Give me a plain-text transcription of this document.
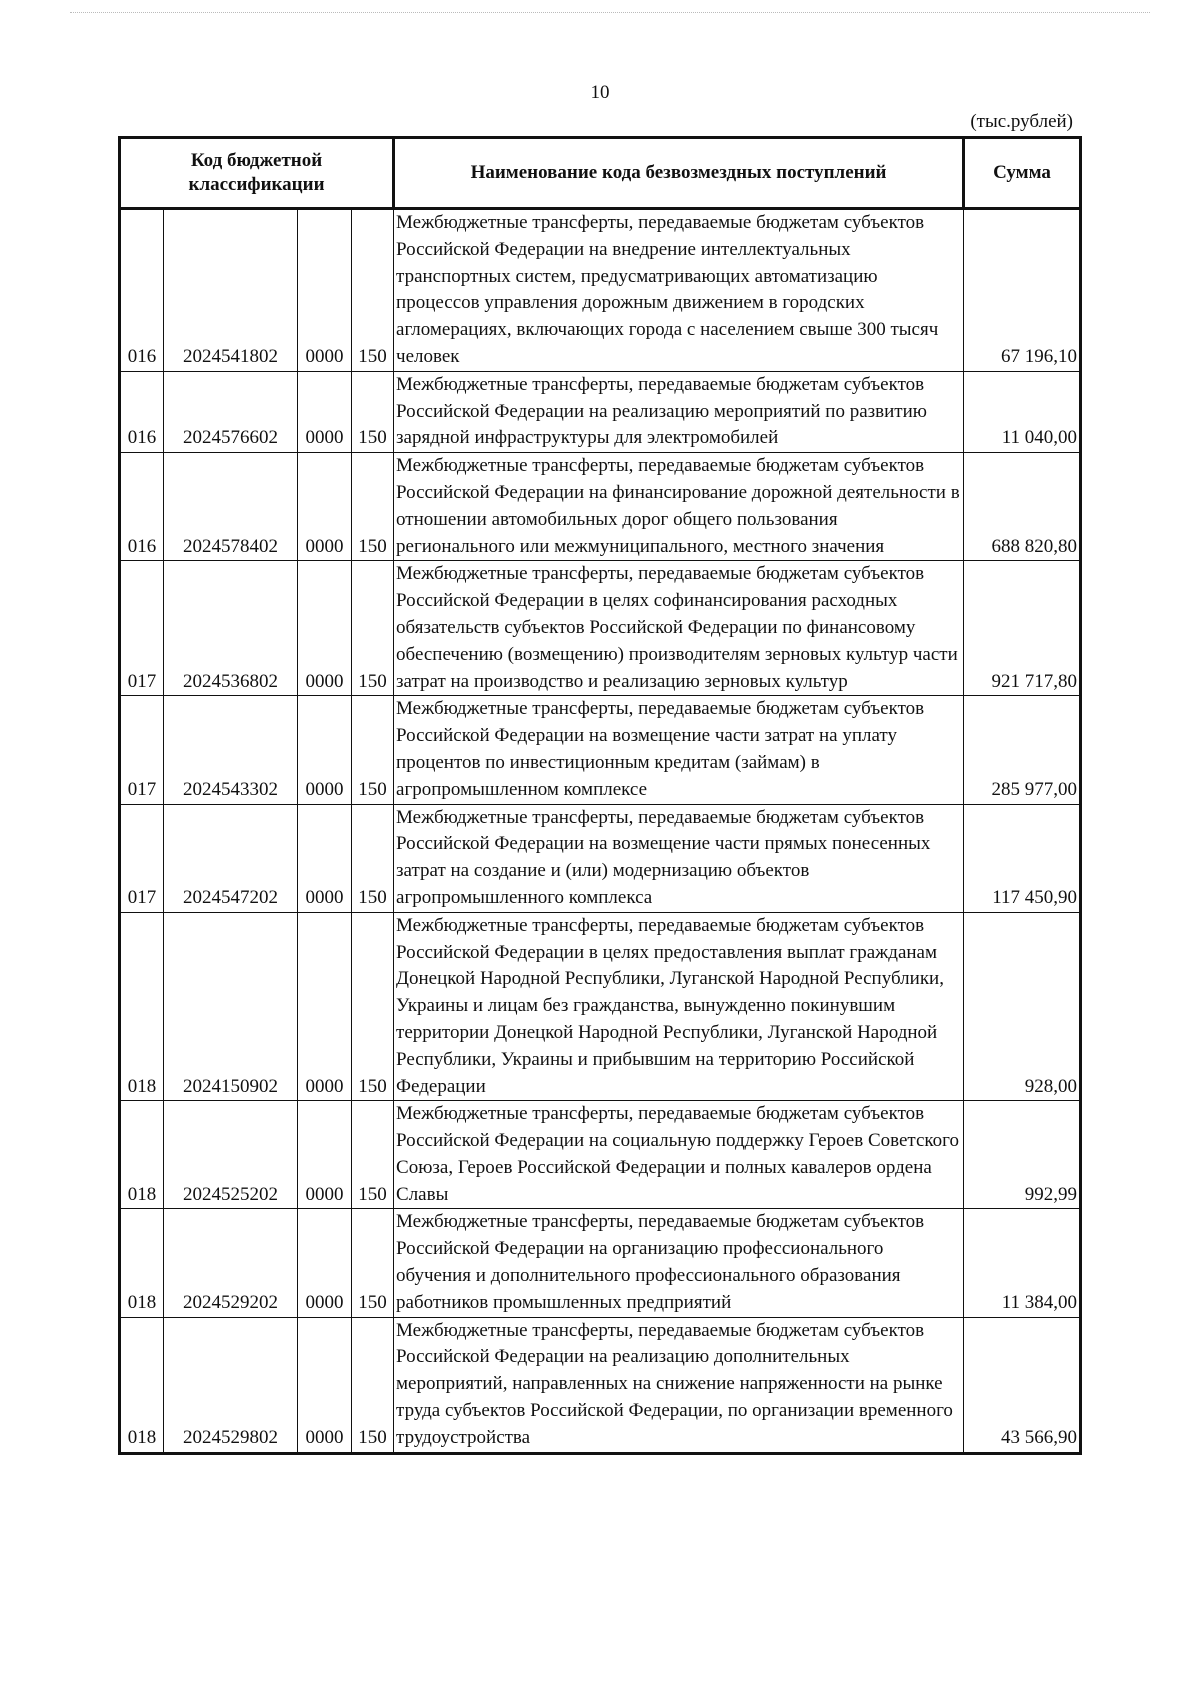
10
(тыс.рублей)
Код бюджетной классификации				Наименование кода безвозмездных поступлений	Сумма
016	2024541802	0000	150	Межбюджетные трансферты, передаваемые бюджетам субъектов Российской Федерации на внедрение интеллектуальных транспортных систем, предусматривающих автоматизацию процессов управления дорожным движением в городских агломерациях, включающих города с населением свыше 300 тысяч человек	67 196,10
016	2024576602	0000	150	Межбюджетные трансферты, передаваемые бюджетам субъектов Российской Федерации на реализацию мероприятий по развитию зарядной инфраструктуры для электромобилей	11 040,00
016	2024578402	0000	150	Межбюджетные трансферты, передаваемые бюджетам субъектов Российской Федерации на финансирование дорожной деятельности в отношении автомобильных дорог общего пользования регионального или межмуниципального, местного значения	688 820,80
017	2024536802	0000	150	Межбюджетные трансферты, передаваемые бюджетам субъектов Российской Федерации в целях софинансирования расходных обязательств субъектов Российской Федерации по финансовому обеспечению (возмещению) производителям зерновых культур части затрат на производство и реализацию зерновых культур	921 717,80
017	2024543302	0000	150	Межбюджетные трансферты, передаваемые бюджетам субъектов Российской Федерации на возмещение части затрат на уплату процентов по инвестиционным кредитам (займам) в агропромышленном комплексе	285 977,00
017	2024547202	0000	150	Межбюджетные трансферты, передаваемые бюджетам субъектов Российской Федерации на возмещение части прямых понесенных затрат на создание и (или) модернизацию объектов агропромышленного комплекса	117 450,90
018	2024150902	0000	150	Межбюджетные трансферты, передаваемые бюджетам субъектов Российской Федерации в целях предоставления выплат гражданам Донецкой Народной Республики, Луганской Народной Республики, Украины и лицам без гражданства, вынужденно покинувшим территории Донецкой Народной Республики, Луганской Народной Республики, Украины и прибывшим на территорию Российской Федерации	928,00
018	2024525202	0000	150	Межбюджетные трансферты, передаваемые бюджетам субъектов Российской Федерации на социальную поддержку Героев Советского Союза, Героев Российской Федерации и полных кавалеров ордена Славы	992,99
018	2024529202	0000	150	Межбюджетные трансферты, передаваемые бюджетам субъектов Российской Федерации на организацию профессионального обучения и дополнительного профессионального образования работников промышленных предприятий	11 384,00
018	2024529802	0000	150	Межбюджетные трансферты, передаваемые бюджетам субъектов Российской Федерации на реализацию дополнительных мероприятий, направленных на снижение напряженности на рынке труда субъектов Российской Федерации, по организации временного трудоустройства	43 566,90
